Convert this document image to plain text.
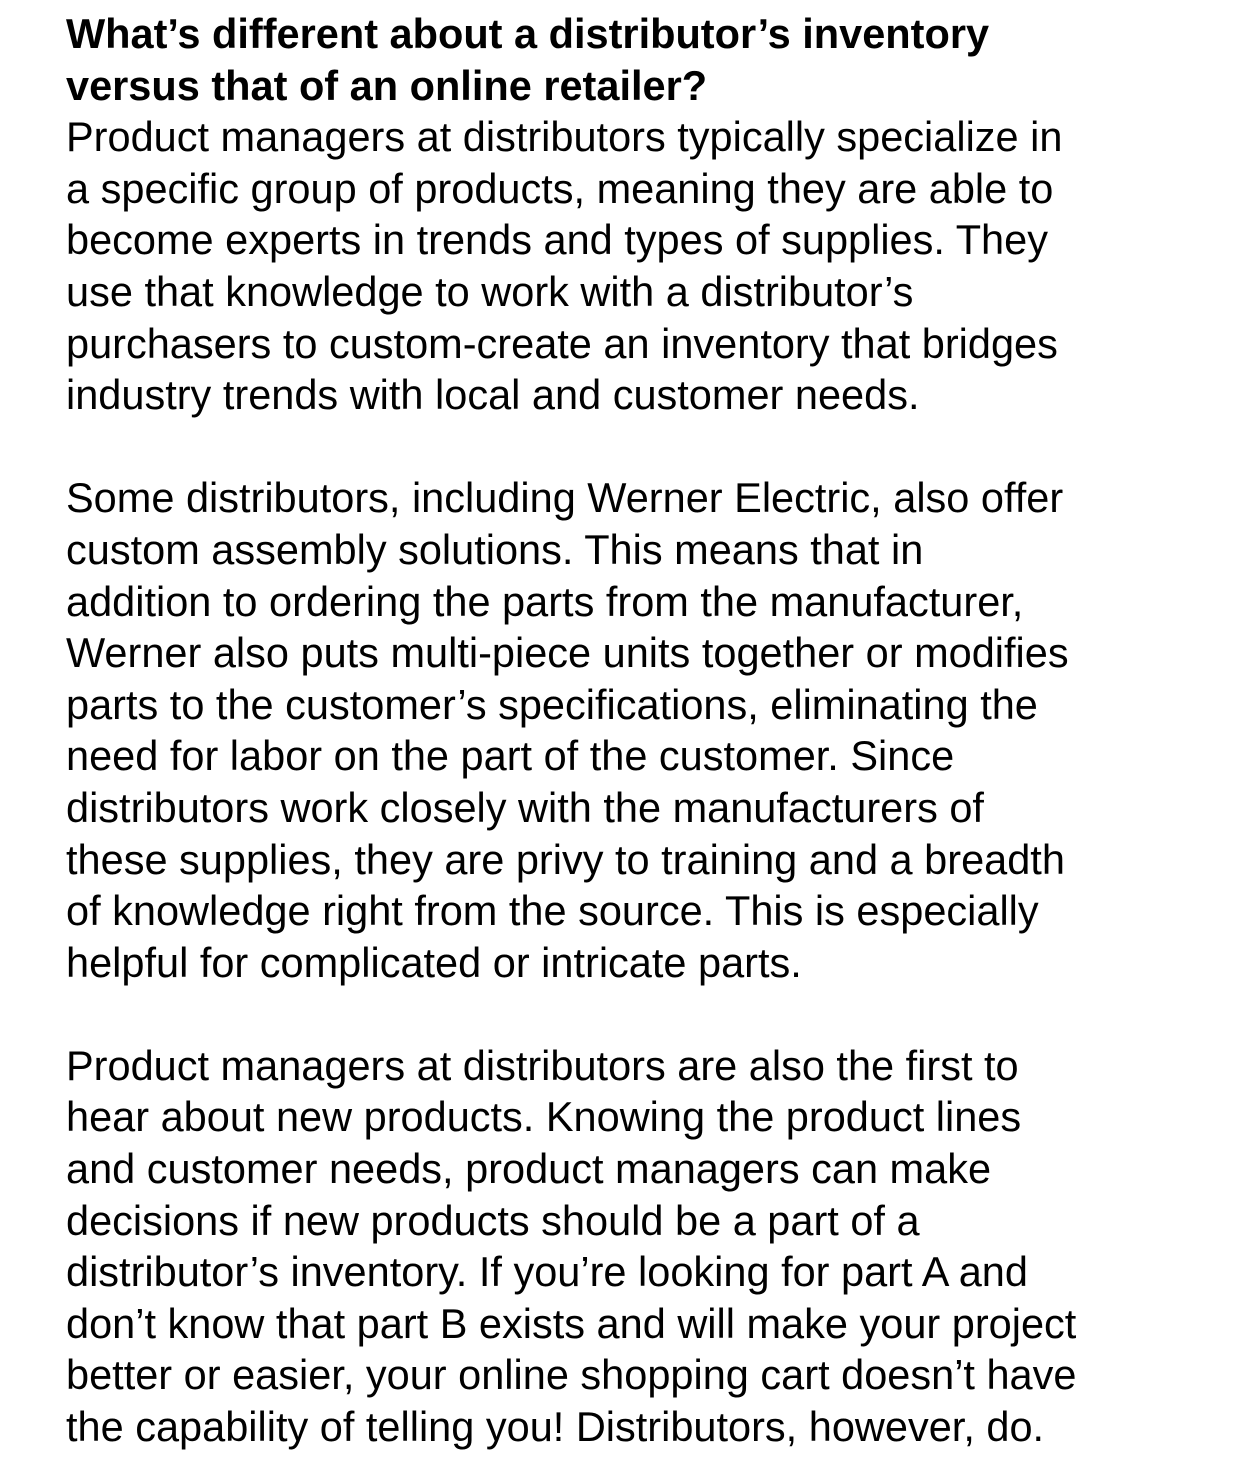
What’s different about a distributor’s inventory
versus that of an online retailer?

Product managers at distributors typically specialize in
a specific group of products, meaning they are able to
become experts in trends and types of supplies. They
use that knowledge to work with a distributor’s
purchasers to custom-create an inventory that bridges
industry trends with local and customer needs.

Some distributors, including Werner Electric, also offer
custom assembly solutions. This means that in
addition to ordering the parts from the manufacturer,
Werner also puts multi-piece units together or modifies
parts to the customer’s specifications, eliminating the
need for labor on the part of the customer. Since
distributors work closely with the manufacturers of
these supplies, they are privy to training and a breadth
of knowledge right from the source. This is especially
helpful for complicated or intricate parts.

Product managers at distributors are also the first to
hear about new products. Knowing the product lines
and customer needs, product managers can make
decisions if new products should be a part of a
distributor’s inventory. If you’re looking for part A and
don’t know that part B exists and will make your project
better or easier, your online shopping cart doesn’t have
the capability of telling you! Distributors, however, do.
